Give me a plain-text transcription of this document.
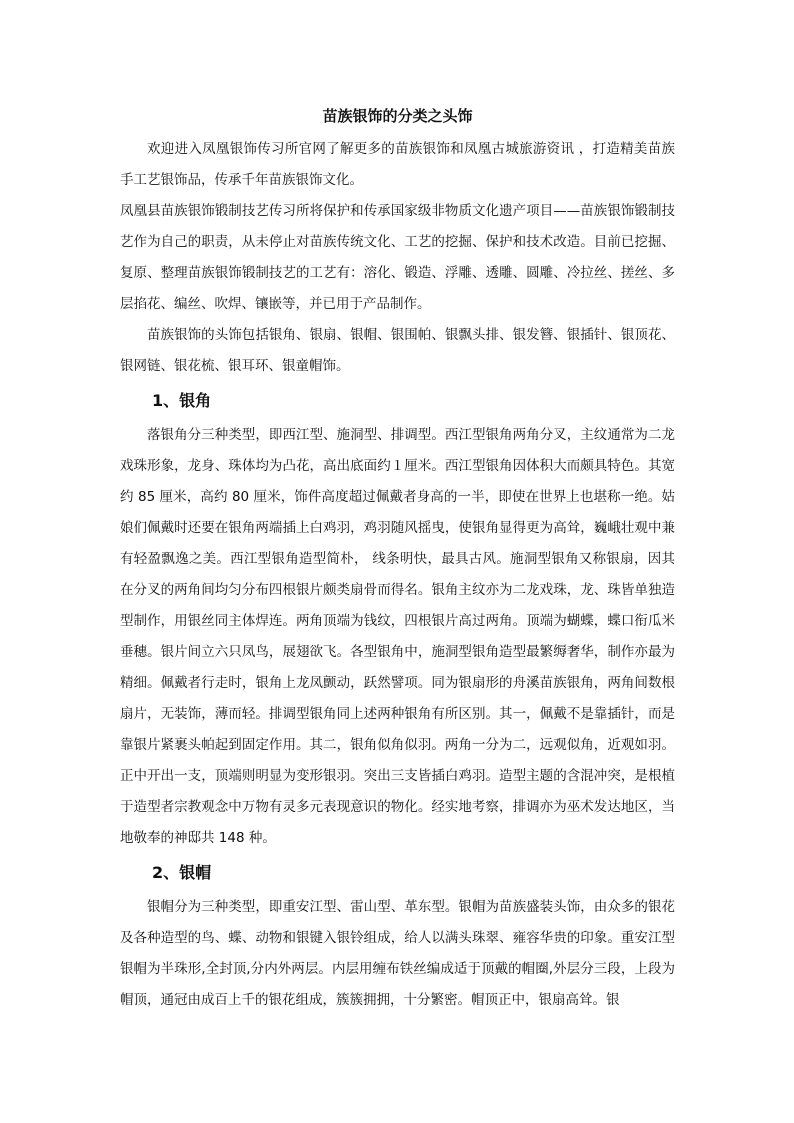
苗族银饰的分类之头饰

欢迎进入凤凰银饰传习所官网了解更多的苗族银饰和凤凰古城旅游资讯 ，打造精美苗族手工艺银饰品，传承千年苗族银饰文化。

凤凰县苗族银饰锻制技艺传习所将保护和传承国家级非物质文化遗产项目——苗族银饰锻制技艺作为自己的职责，从未停止对苗族传统文化、工艺的挖掘、保护和技术改造。目前已挖掘、复原、整理苗族银饰锻制技艺的工艺有：溶化、锻造、浮雕、透雕、圆雕、冷拉丝、搓丝、多层掐花、编丝、吹焊、镶嵌等，并已用于产品制作。

苗族银饰的头饰包括银角、银扇、银帽、银围帕、银飘头排、银发簪、银插针、银顶花、银网链、银花梳、银耳环、银童帽饰。

1、银角

落银角分三种类型，即西江型、施洞型、排调型。西江型银角两角分叉，主纹通常为二龙戏珠形象，龙身、珠体均为凸花，高出底面约１厘米。西江型银角因体积大而颇具特色。其宽约 85 厘米，高约 80 厘米，饰件高度超过佩戴者身高的一半，即使在世界上也堪称一绝。姑娘们佩戴时还要在银角两端插上白鸡羽，鸡羽随风摇曳，使银角显得更为高耸，巍峨壮观中兼有轻盈飘逸之美。西江型银角造型简朴， 线条明快，最具古风。施洞型银角又称银扇，因其在分叉的两角间均匀分布四根银片颇类扇骨而得名。银角主纹亦为二龙戏珠，龙、珠皆单独造型制作，用银丝同主体焊连。两角顶端为钱纹，四根银片高过两角。顶端为蝴蝶，蝶口衔瓜米垂穗。银片间立六只凤鸟，展翅欲飞。各型银角中，施洞型银角造型最繁缛奢华，制作亦最为精细。佩戴者行走时，银角上龙凤颤动，跃然譬项。同为银扇形的舟溪苗族银角，两角间数根扇片，无装饰，薄而轻。排调型银角同上述两种银角有所区别。其一，佩戴不是靠插针，而是靠银片紧裹头帕起到固定作用。其二，银角似角似羽。两角一分为二，远观似角，近观如羽。正中开出一支，顶端则明显为变形银羽。突出三支皆插白鸡羽。造型主题的含混冲突，是根植于造型者宗教观念中万物有灵多元表现意识的物化。经实地考察，排调亦为巫术发达地区，当地敬奉的神邸共 148 种。

2、银帽

银帽分为三种类型，即重安江型、雷山型、革东型。银帽为苗族盛装头饰，由众多的银花及各种造型的鸟、蝶、动物和银键入银铃组成，给人以满头珠翠、雍容华贵的印象。重安江型银帽为半珠形,全封顶,分内外两层。内层用缠布铁丝编成适于顶戴的帽圈,外层分三段，上段为帽顶，通冠由成百上千的银花组成，簇簇拥拥，十分繁密。帽顶正中，银扇高耸。银
